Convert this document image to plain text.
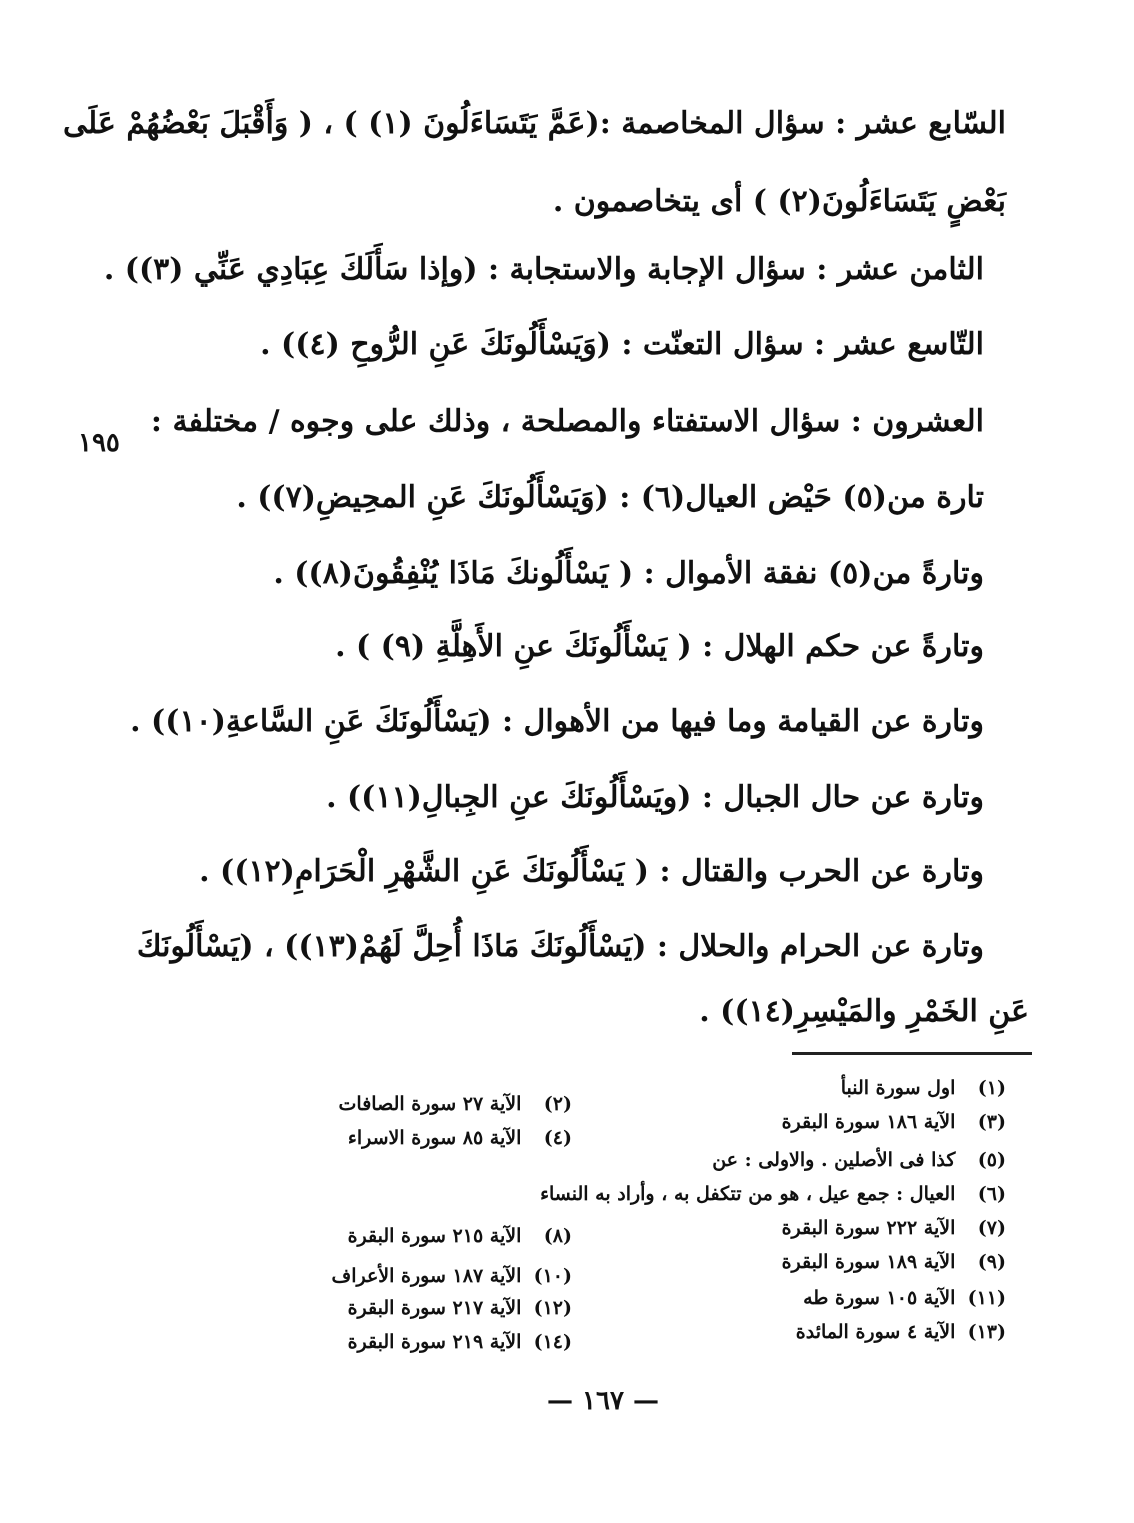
السّابع عشر : سؤال المخاصمة :(عَمَّ يَتَسَاءَلُونَ (١) ) ، ( وَأَقْبَلَ بَعْضُهُمْ عَلَى
بَعْضٍ يَتَسَاءَلُونَ(٢) ) أى يتخاصمون .
الثامن عشر : سؤال الإجابة والاستجابة : (وإذا سَأَلَكَ عِبَادِي عَنِّي (٣)) .
التّاسع عشر : سؤال التعنّت : (وَيَسْأَلُونَكَ عَنِ الرُّوحِ (٤)) .
العشرون : سؤال الاستفتاء والمصلحة ، وذلك على وجوه / مختلفة :
تارة من(٥) حَيْض العيال(٦) : (وَيَسْأَلُونَكَ عَنِ المحِيضِ(٧)) .
وتارةً من(٥) نفقة الأموال : ( يَسْأَلُونكَ مَاذَا يُنْفِقُونَ(٨)) .
وتارةً عن حكم الهلال : ( يَسْأَلُونَكَ عنِ الأَهِلَّةِ (٩) ) .
وتارة عن القيامة وما فيها من الأهوال : (يَسْأَلُونَكَ عَنِ السَّاعةِ(١٠)) .
وتارة عن حال الجبال : (ويَسْأَلُونَكَ عنِ الجِبالِ(١١)) .
وتارة عن الحرب والقتال : ( يَسْأَلُونَكَ عَنِ الشَّهْرِ الْحَرَامِ(١٢)) .
وتارة عن الحرام والحلال : (يَسْأَلُونَكَ مَاذَا أُحِلَّ لَهُمْ(١٣)) ، (يَسْأَلُونَكَ
عَنِ الخَمْرِ والمَيْسِرِ(١٤)) .
١٩٥
(١) اول سورة النبأ
(٣) الآية ١٨٦ سورة البقرة
(٥) كذا فى الأصلين . والاولى : عن
(٦) العيال : جمع عيل ، هو من تتكفل به ، وأراد به النساء
(٧) الآية ٢٢٢ سورة البقرة
(٩) الآية ١٨٩ سورة البقرة
(١١) الآية ١٠٥ سورة طه
(١٣) الآية ٤ سورة المائدة
(٢) الآية ٢٧ سورة الصافات
(٤) الآية ٨٥ سورة الاسراء
(٨) الآية ٢١٥ سورة البقرة
(١٠) الآية ١٨٧ سورة الأعراف
(١٢) الآية ٢١٧ سورة البقرة
(١٤) الآية ٢١٩ سورة البقرة
— ١٦٧ —
